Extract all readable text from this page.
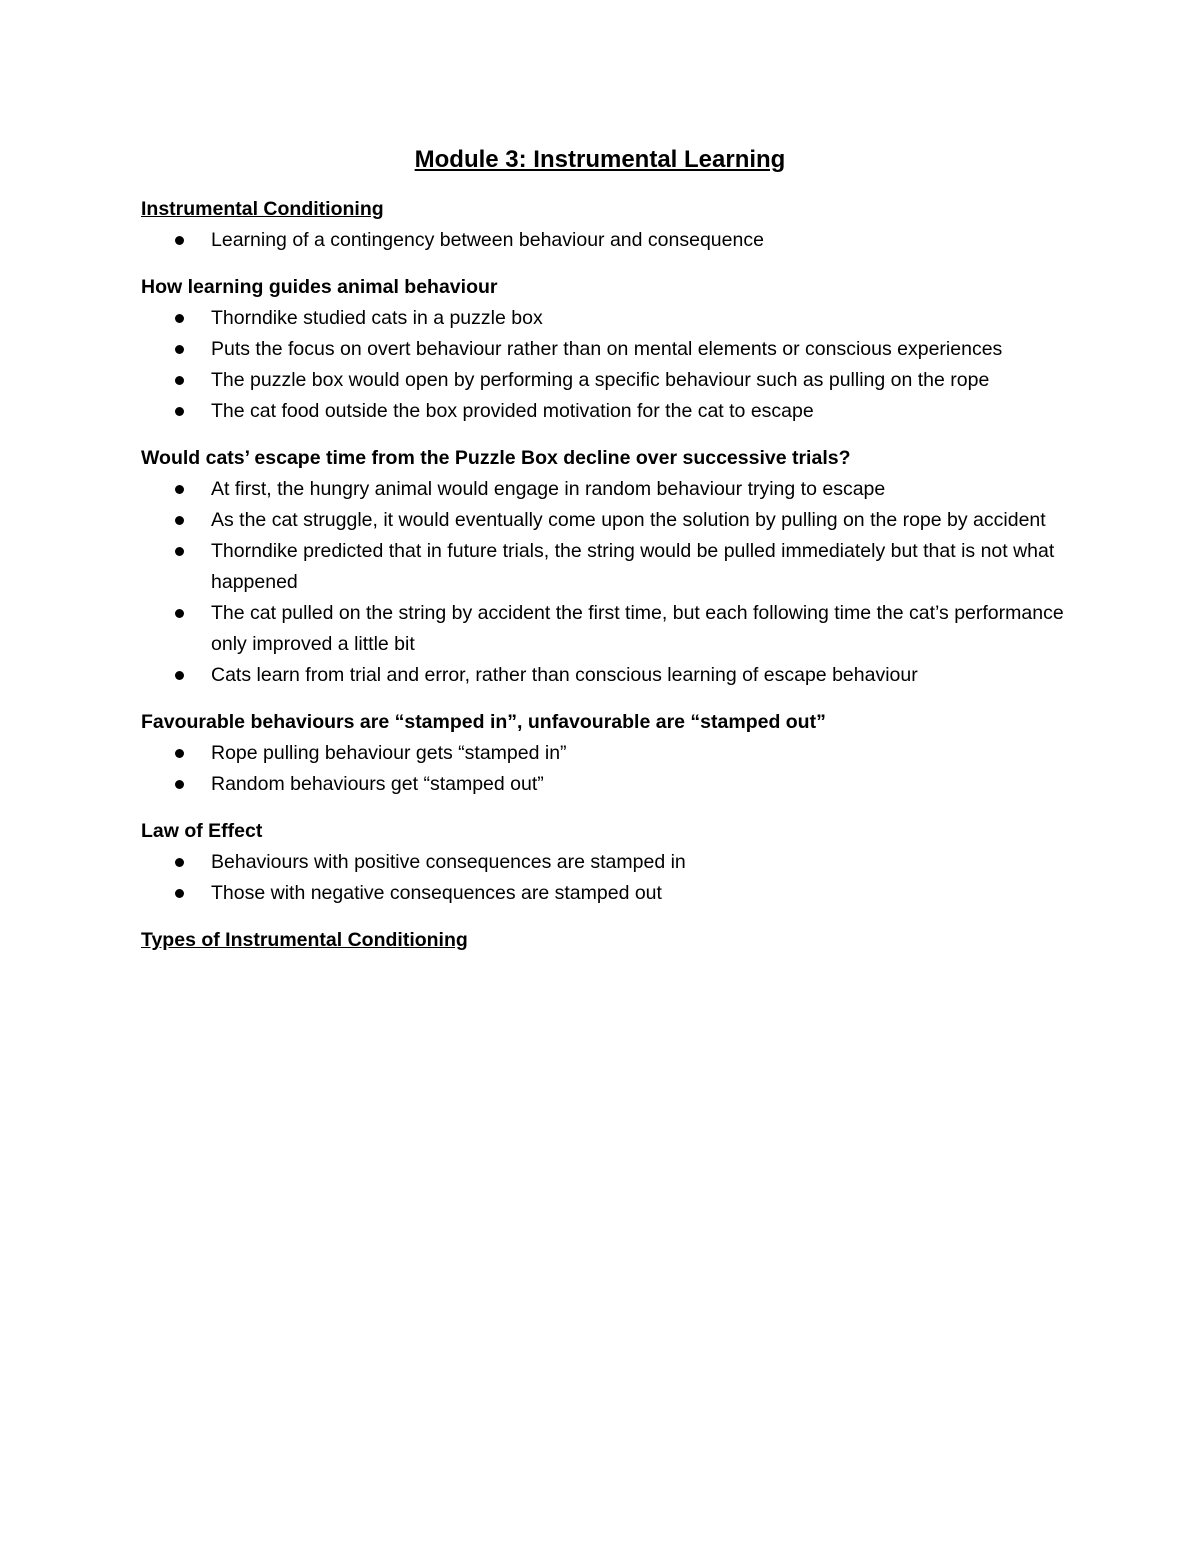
Module 3: Instrumental Learning
Instrumental Conditioning
Learning of a contingency between behaviour and consequence
How learning guides animal behaviour
Thorndike studied cats in a puzzle box
Puts the focus on overt behaviour rather than on mental elements or conscious experiences
The puzzle box would open by performing a specific behaviour such as pulling on the rope
The cat food outside the box provided motivation for the cat to escape
Would cats’ escape time from the Puzzle Box decline over successive trials?
At first, the hungry animal would engage in random behaviour trying to escape
As the cat struggle, it would eventually come upon the solution by pulling on the rope by accident
Thorndike predicted that in future trials, the string would be pulled immediately but that is not what happened
The cat pulled on the string by accident the first time, but each following time the cat’s performance only improved a little bit
Cats learn from trial and error, rather than conscious learning of escape behaviour
Favourable behaviours are “stamped in”, unfavourable are “stamped out”
Rope pulling behaviour gets “stamped in”
Random behaviours get “stamped out”
Law of Effect
Behaviours with positive consequences are stamped in
Those with negative consequences are stamped out
Types of Instrumental Conditioning
